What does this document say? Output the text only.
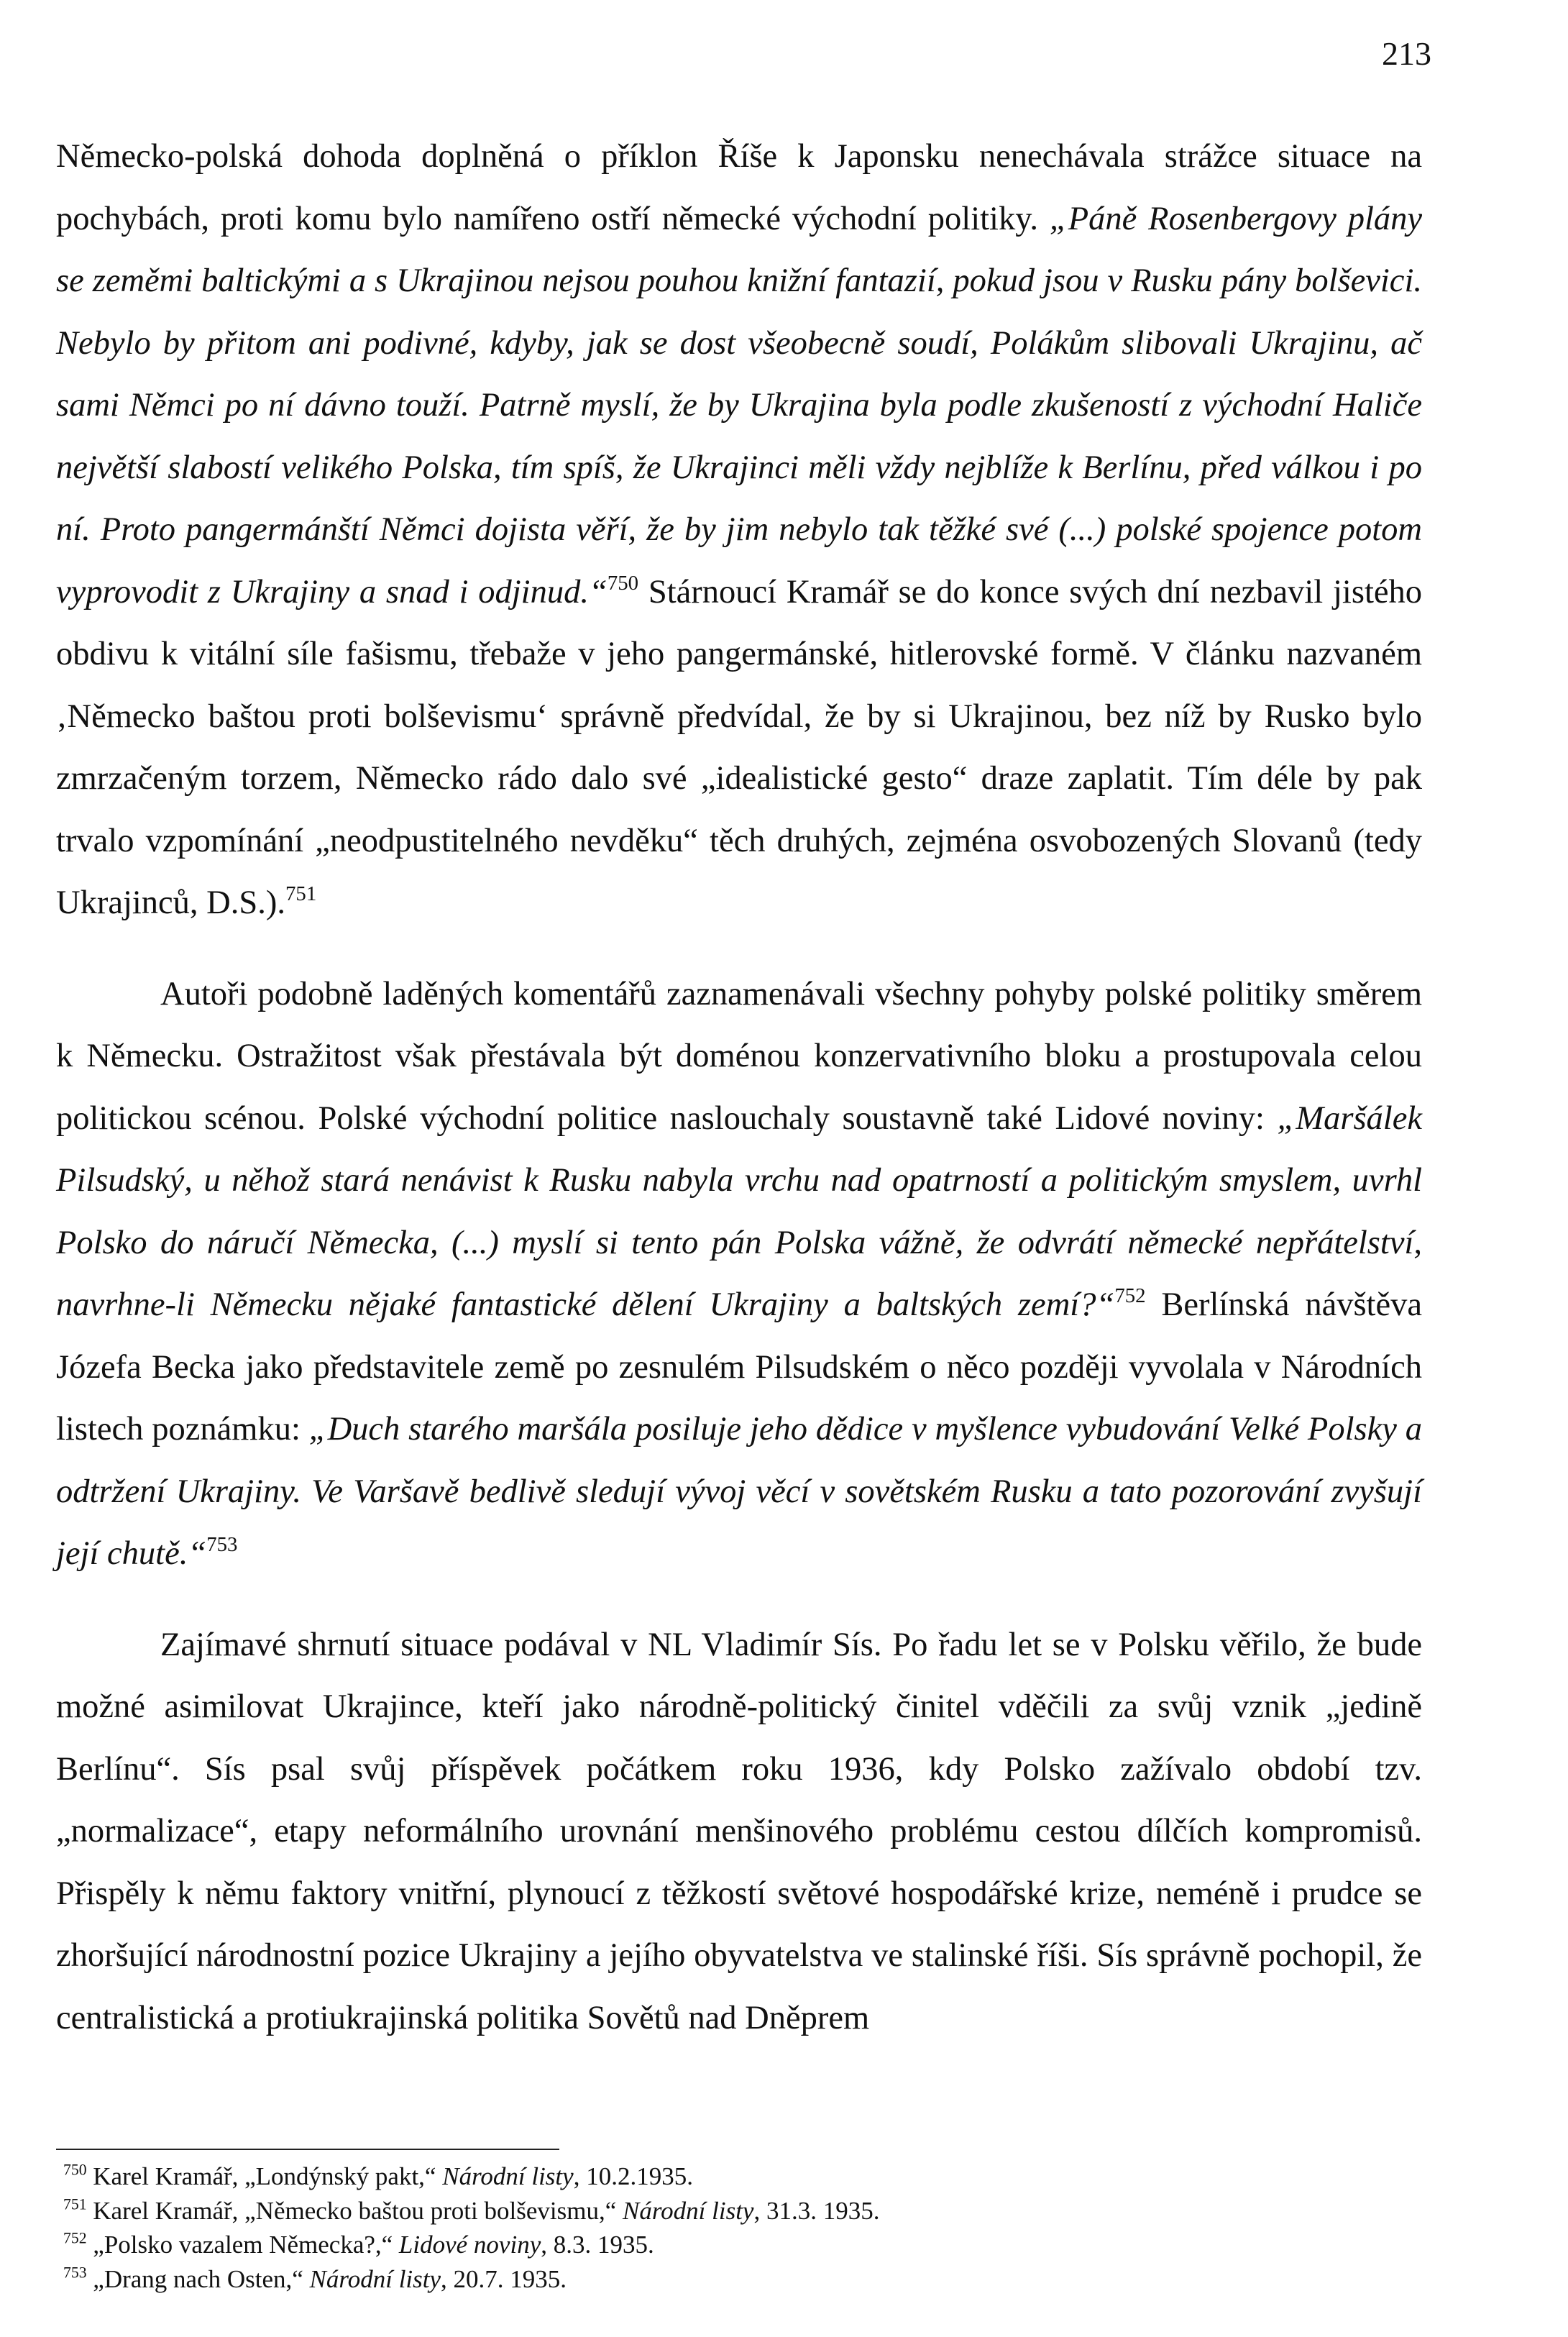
213

Německo-polská dohoda doplněná o příklon Říše k Japonsku nenechávala strážce situace na pochybách, proti komu bylo namířeno ostří německé východní politiky. „Páně Rosenbergovy plány se zeměmi baltickými a s Ukrajinou nejsou pouhou knižní fantazií, pokud jsou v Rusku pány bolševici. Nebylo by přitom ani podivné, kdyby, jak se dost všeobecně soudí, Polákům slibovali Ukrajinu, ač sami Němci po ní dávno touží. Patrně myslí, že by Ukrajina byla podle zkušeností z východní Haliče největší slabostí velikého Polska, tím spíš, že Ukrajinci měli vždy nejblíže k Berlínu, před válkou i po ní. Proto pangermánští Němci dojista věří, že by jim nebylo tak těžké své (...) polské spojence potom vyprovodit z Ukrajiny a snad i odjinud.“$^{750}$ Stárnoucí Kramář se do konce svých dní nezbavil jistého obdivu k vitální síle fašismu, třebaže v jeho pangermánské, hitlerovské formě. V článku nazvaném ‚Německo baštou proti bolševismu‘ správně předvídal, že by si Ukrajinou, bez níž by Rusko bylo zmrzačeným torzem, Německo rádo dalo své „idealistické gesto“ draze zaplatit. Tím déle by pak trvalo vzpomínání „neodpustitelného nevděku“ těch druhých, zejména osvobozených Slovanů (tedy Ukrajinců, D.S.).$^{751}$

Autoři podobně laděných komentářů zaznamenávali všechny pohyby polské politiky směrem k Německu. Ostražitost však přestávala být doménou konzervativního bloku a prostupovala celou politickou scénou. Polské východní politice naslouchaly soustavně také Lidové noviny: „Maršálek Pilsudský, u něhož stará nenávist k Rusku nabyla vrchu nad opatrností a politickým smyslem, uvrhl Polsko do náručí Německa, (...) myslí si tento pán Polska vážně, že odvrátí německé nepřátelství, navrhne-li Německu nějaké fantastické dělení Ukrajiny a baltských zemí?“$^{752}$ Berlínská návštěva Józefa Becka jako představitele země po zesnulém Pilsudském o něco později vyvolala v Národních listech poznámku: „Duch starého maršála posiluje jeho dědice v myšlence vybudování Velké Polsky a odtržení Ukrajiny. Ve Varšavě bedlivě sledují vývoj věcí v sovětském Rusku a tato pozorování zvyšují její chutě.“$^{753}$

Zajímavé shrnutí situace podával v NL Vladimír Sís. Po řadu let se v Polsku věřilo, že bude možné asimilovat Ukrajince, kteří jako národně-politický činitel vděčili za svůj vznik „jedině Berlínu“. Sís psal svůj příspěvek počátkem roku 1936, kdy Polsko zažívalo období tzv. „normalizace“, etapy neformálního urovnání menšinového problému cestou dílčích kompromisů. Přispěly k němu faktory vnitřní, plynoucí z těžkostí světové hospodářské krize, neméně i prudce se zhoršující národnostní pozice Ukrajiny a jejího obyvatelstva ve stalinské říši. Sís správně pochopil, že centralistická a protiukrajinská politika Sovětů nad Dněprem

$^{750}$ Karel Kramář, „Londýnský pakt,“ Národní listy, 10.2.1935.
$^{751}$ Karel Kramář, „Německo baštou proti bolševismu,“ Národní listy, 31.3. 1935.
$^{752}$ „Polsko vazalem Německa?,“ Lidové noviny, 8.3. 1935.
$^{753}$ „Drang nach Osten,“ Národní listy, 20.7. 1935.
